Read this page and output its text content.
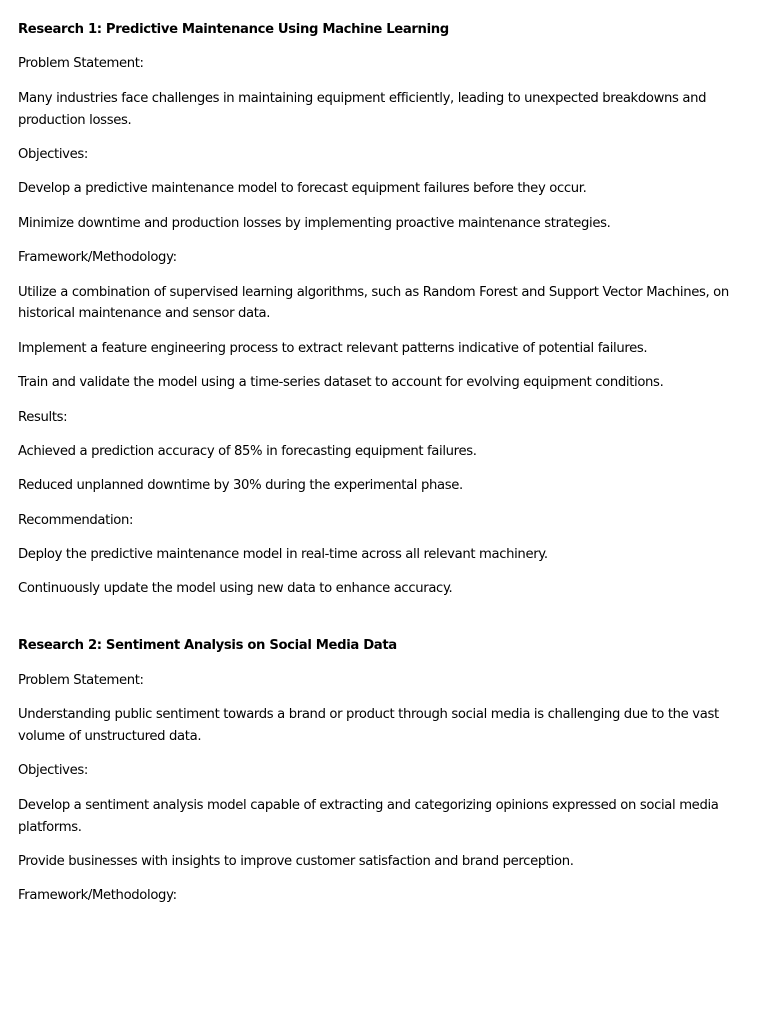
Research 1: Predictive Maintenance Using Machine Learning

Problem Statement:

Many industries face challenges in maintaining equipment efficiently, leading to unexpected breakdowns and production losses.

Objectives:

Develop a predictive maintenance model to forecast equipment failures before they occur.

Minimize downtime and production losses by implementing proactive maintenance strategies.

Framework/Methodology:

Utilize a combination of supervised learning algorithms, such as Random Forest and Support Vector Machines, on historical maintenance and sensor data.

Implement a feature engineering process to extract relevant patterns indicative of potential failures.

Train and validate the model using a time-series dataset to account for evolving equipment conditions.

Results:

Achieved a prediction accuracy of 85% in forecasting equipment failures.

Reduced unplanned downtime by 30% during the experimental phase.

Recommendation:

Deploy the predictive maintenance model in real-time across all relevant machinery.

Continuously update the model using new data to enhance accuracy.

Research 2: Sentiment Analysis on Social Media Data

Problem Statement:

Understanding public sentiment towards a brand or product through social media is challenging due to the vast volume of unstructured data.

Objectives:

Develop a sentiment analysis model capable of extracting and categorizing opinions expressed on social media platforms.

Provide businesses with insights to improve customer satisfaction and brand perception.

Framework/Methodology:
